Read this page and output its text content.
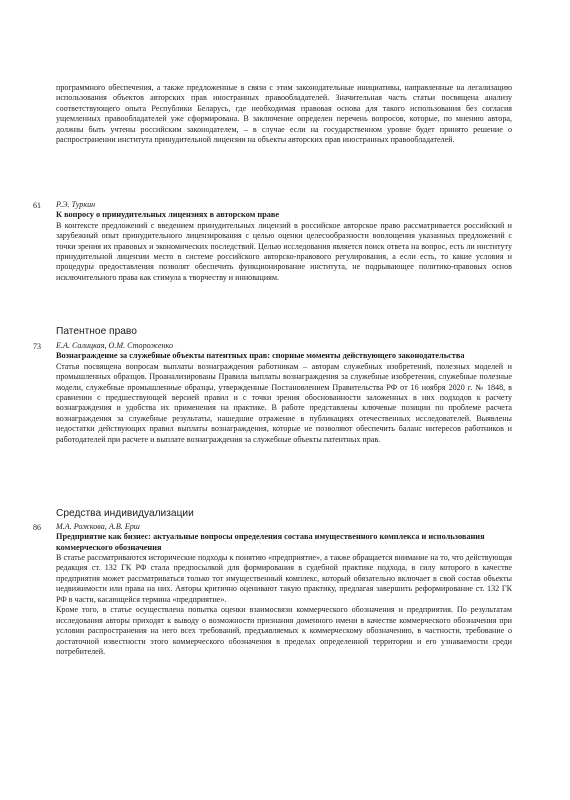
программного обеспечения, а также предложенные в связи с этим законодательные инициативы, направленные на легализацию использования объектов авторских прав иностранных правообладателей. Значительная часть статьи посвящена анализу соответствующего опыта Республики Беларусь, где необходимая правовая основа для такого использования без согласия ущемленных правообладателей уже сформирована. В заключение определен перечень вопросов, которые, по мнению автора, должны быть учтены российским законодателем, – в случае если на государственном уровне будет принято решение о распространении института принудительной лицензии на объекты авторских прав иностранных правообладателей.

61 Р.Э. Туркин

К вопросу о принудительных лицензиях в авторском праве

В контексте предложений с введением принудительных лицензий в российское авторское право рассматривается российский и зарубежный опыт принудительного лицензирования с целью оценки целесообразности воплощения указанных предложений с точки зрения их правовых и экономических последствий. Целью исследования является поиск ответа на вопрос, есть ли институту принудительной лицензии место в системе российского авторско-правового регулирования, а если есть, то какие условия и процедуры предоставления позволят обеспечить функционирование института, не подрывающее политико-правовых основ исключительного права как стимула к творчеству и инновациям.

Патентное право
73 Е.А. Салицкая, О.М. Стороженко

Вознаграждение за служебные объекты патентных прав: спорные моменты действующего законодательства

Статья посвящена вопросам выплаты вознаграждения работникам – авторам служебных изобретений, полезных моделей и промышленных образцов. Проанализированы Правила выплаты вознаграждения за служебные изобретения, служебные полезные модели, служебные промышленные образцы, утвержденные Постановлением Правительства РФ от 16 ноября 2020 г. № 1848, в сравнении с предшествующей версией правил и с точки зрения обоснованности заложенных в них подходов к расчету вознаграждения и удобства их применения на практике. В работе представлены ключевые позиции по проблеме расчета вознаграждения за служебные результаты, нашедшие отражение в публикациях отечественных исследователей. Выявлены недостатки действующих правил выплаты вознаграждения, которые не позволяют обеспечить баланс интересов работников и работодателей при расчете и выплате вознаграждения за служебные объекты патентных прав.

Средства индивидуализации
86 М.А. Рожкова, А.В. Ерш

Предприятие как бизнес: актуальные вопросы определения состава имущественного комплекса и использования коммерческого обозначения

В статье рассматриваются исторические подходы к понятию «предприятие», а также обращается внимание на то, что действующая редакция ст. 132 ГК РФ стала предпосылкой для формирования в судебной практике подхода, в силу которого в качестве предприятия может рассматриваться только тот имущественный комплекс, который обязательно включает в свой состав объекты недвижимости или права на них. Авторы критично оценивают такую практику, предлагая завершить реформирование ст. 132 ГК РФ в части, касающейся термина «предприятие».

Кроме того, в статье осуществлена попытка оценки взаимосвязи коммерческого обозначения и предприятия. По результатам исследования авторы приходят к выводу о возможности признания доменного имени в качестве коммерческого обозначения при условии распространения на него всех требований, предъявляемых к коммерческому обозначению, в частности, требование о достаточной известности этого коммерческого обозначения в пределах определенной территории и его узнаваемости среди потребителей.
